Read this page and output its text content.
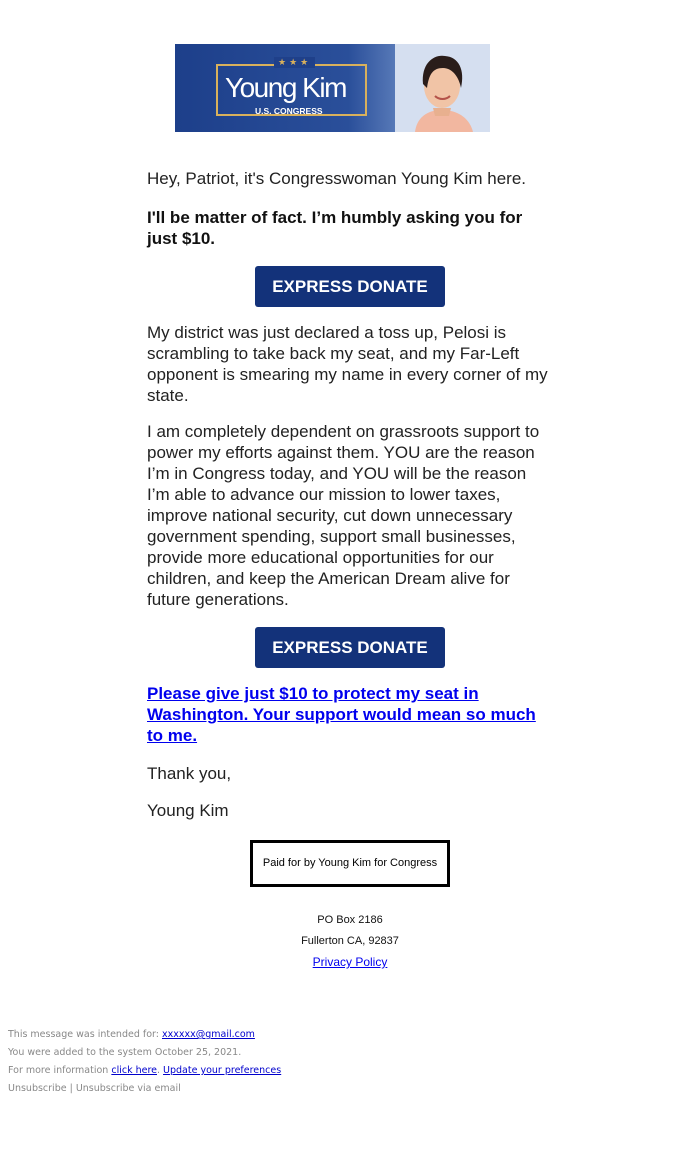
★★★
Young Kim
U.S. CONGRESS

Hey, Patriot, it's Congresswoman Young Kim here.

I'll be matter of fact. I’m humbly asking you for just $10.

EXPRESS DONATE

My district was just declared a toss up, Pelosi is scrambling to take back my seat, and my Far-Left opponent is smearing my name in every corner of my state.

I am completely dependent on grassroots support to power my efforts against them. YOU are the reason I’m in Congress today, and YOU will be the reason I’m able to advance our mission to lower taxes, improve national security, cut down unnecessary government spending, support small businesses, provide more educational opportunities for our children, and keep the American Dream alive for future generations.

EXPRESS DONATE

Please give just $10 to protect my seat in Washington. Your support would mean so much to me.

Thank you,

Young Kim

Paid for by Young Kim for Congress
PO Box 2186
Fullerton CA, 92837
Privacy Policy
This message was intended for: xxxxxx@gmail.com
You were added to the system October 25, 2021.
For more information click here. Update your preferences
Unsubscribe | Unsubscribe via email
